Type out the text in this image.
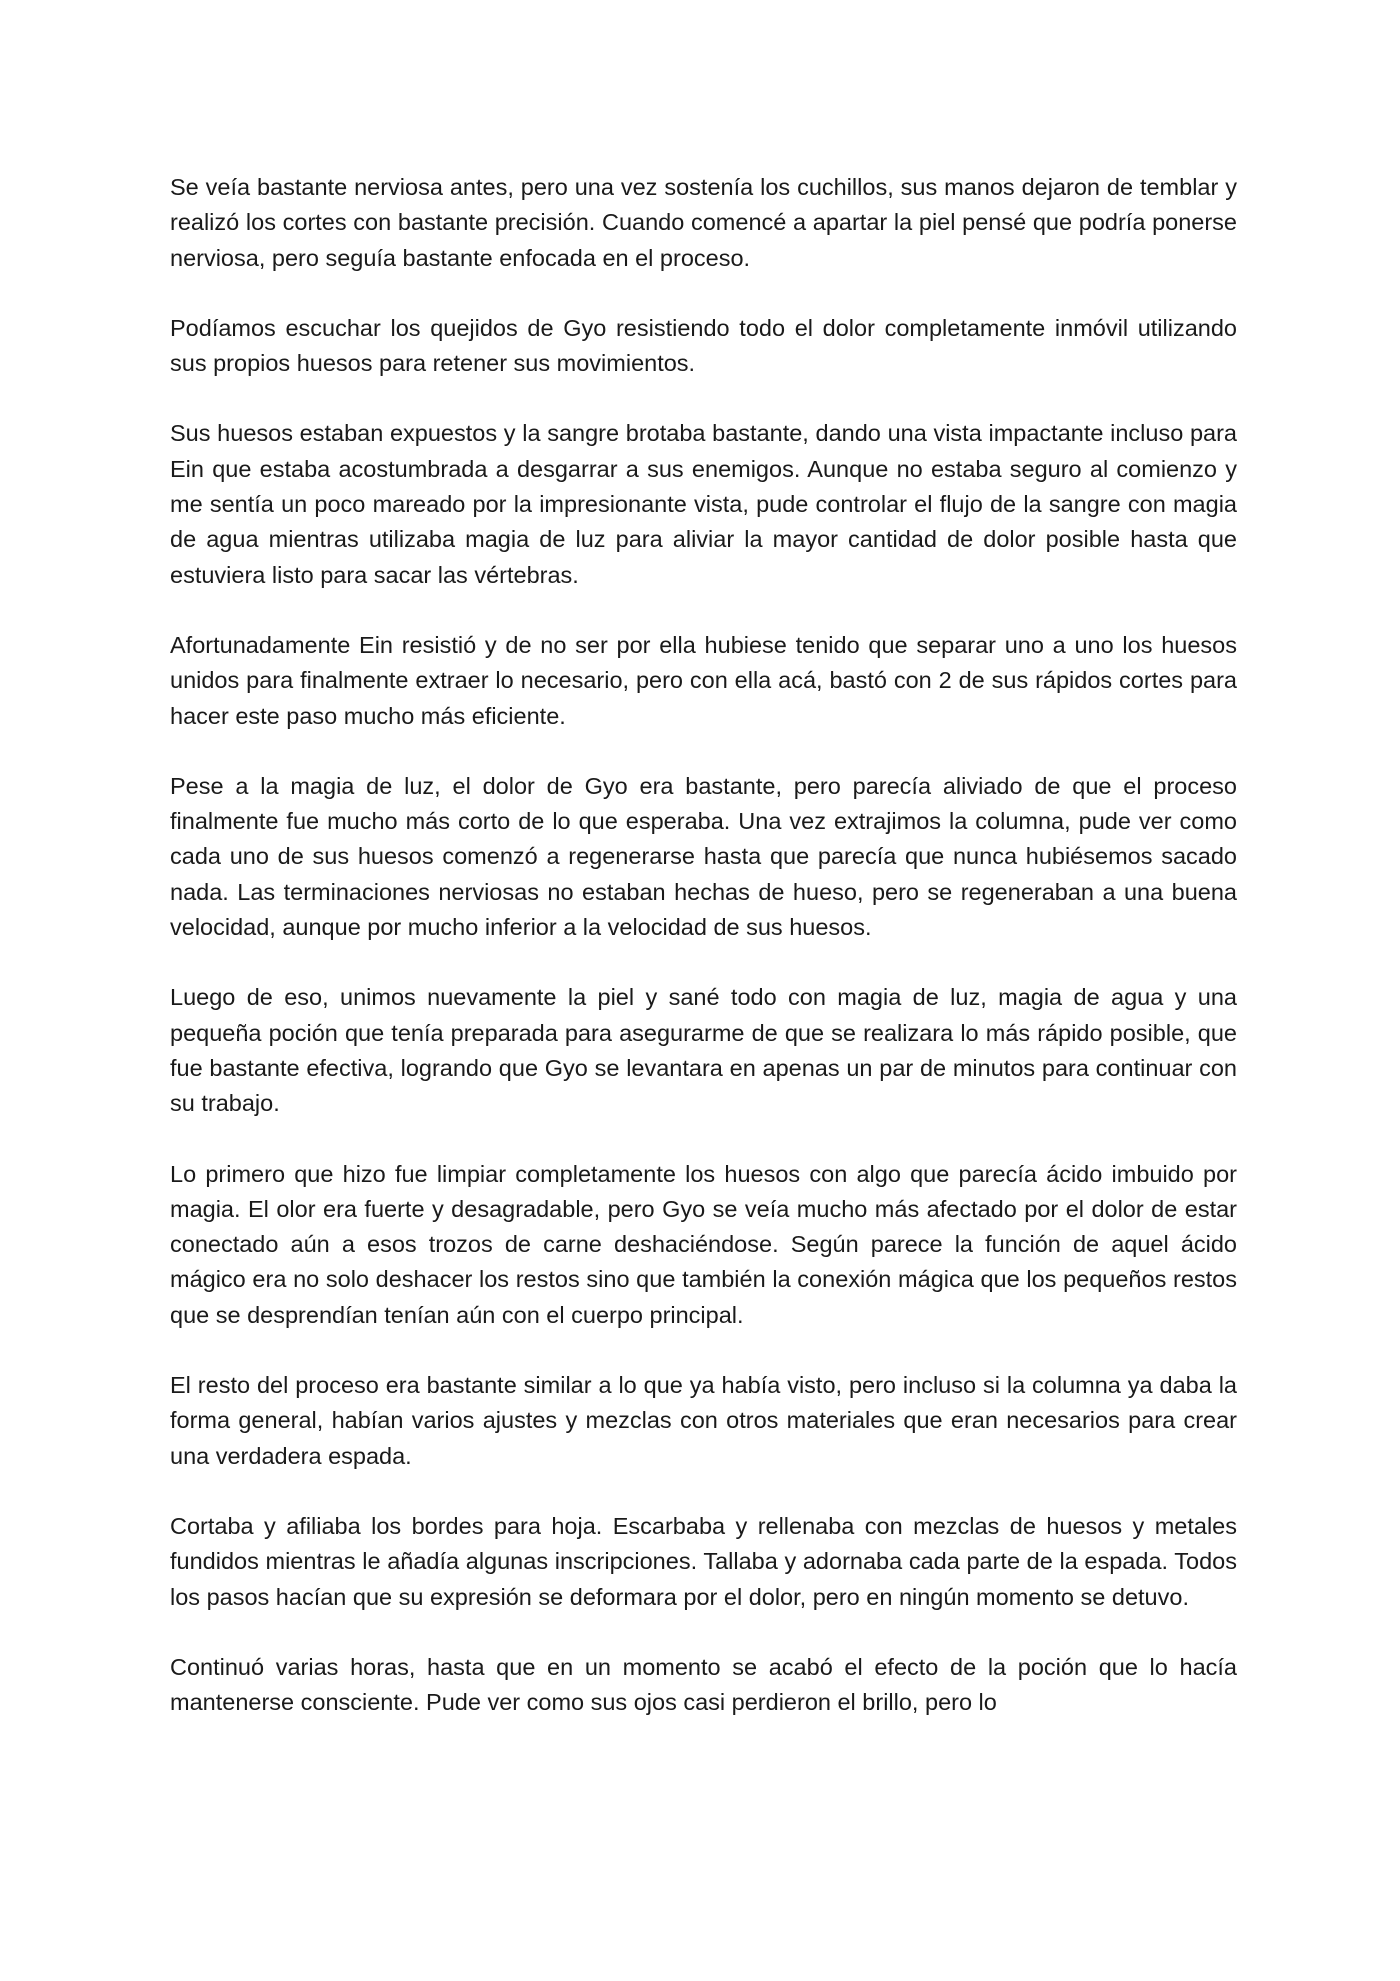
Se veía bastante nerviosa antes, pero una vez sostenía los cuchillos, sus manos dejaron de temblar y realizó los cortes con bastante precisión. Cuando comencé a apartar la piel pensé que podría ponerse nerviosa, pero seguía bastante enfocada en el proceso.

Podíamos escuchar los quejidos de Gyo resistiendo todo el dolor completamente inmóvil utilizando sus propios huesos para retener sus movimientos.

Sus huesos estaban expuestos y la sangre brotaba bastante, dando una vista impactante incluso para Ein que estaba acostumbrada a desgarrar a sus enemigos. Aunque no estaba seguro al comienzo y me sentía un poco mareado por la impresionante vista, pude controlar el flujo de la sangre con magia de agua mientras utilizaba magia de luz para aliviar la mayor cantidad de dolor posible hasta que estuviera listo para sacar las vértebras.

Afortunadamente Ein resistió y de no ser por ella hubiese tenido que separar uno a uno los huesos unidos para finalmente extraer lo necesario, pero con ella acá, bastó con 2 de sus rápidos cortes para hacer este paso mucho más eficiente.

Pese a la magia de luz, el dolor de Gyo era bastante, pero parecía aliviado de que el proceso finalmente fue mucho más corto de lo que esperaba. Una vez extrajimos la columna, pude ver como cada uno de sus huesos comenzó a regenerarse hasta que parecía que nunca hubiésemos sacado nada. Las terminaciones nerviosas no estaban hechas de hueso, pero se regeneraban a una buena velocidad, aunque por mucho inferior a la velocidad de sus huesos.

Luego de eso, unimos nuevamente la piel y sané todo con magia de luz, magia de agua y una pequeña poción que tenía preparada para asegurarme de que se realizara lo más rápido posible, que fue bastante efectiva, logrando que Gyo se levantara en apenas un par de minutos para continuar con su trabajo.

Lo primero que hizo fue limpiar completamente los huesos con algo que parecía ácido imbuido por magia. El olor era fuerte y desagradable, pero Gyo se veía mucho más afectado por el dolor de estar conectado aún a esos trozos de carne deshaciéndose. Según parece la función de aquel ácido mágico era no solo deshacer los restos sino que también la conexión mágica que los pequeños restos que se desprendían tenían aún con el cuerpo principal.

El resto del proceso era bastante similar a lo que ya había visto, pero incluso si la columna ya daba la forma general, habían varios ajustes y mezclas con otros materiales que eran necesarios para crear una verdadera espada.

Cortaba y afiliaba los bordes para hoja. Escarbaba y rellenaba con mezclas de huesos y metales fundidos mientras le añadía algunas inscripciones. Tallaba y adornaba cada parte de la espada. Todos los pasos hacían que su expresión se deformara por el dolor, pero en ningún momento se detuvo.

Continuó varias horas, hasta que en un momento se acabó el efecto de la poción que lo hacía mantenerse consciente. Pude ver como sus ojos casi perdieron el brillo, pero lo
